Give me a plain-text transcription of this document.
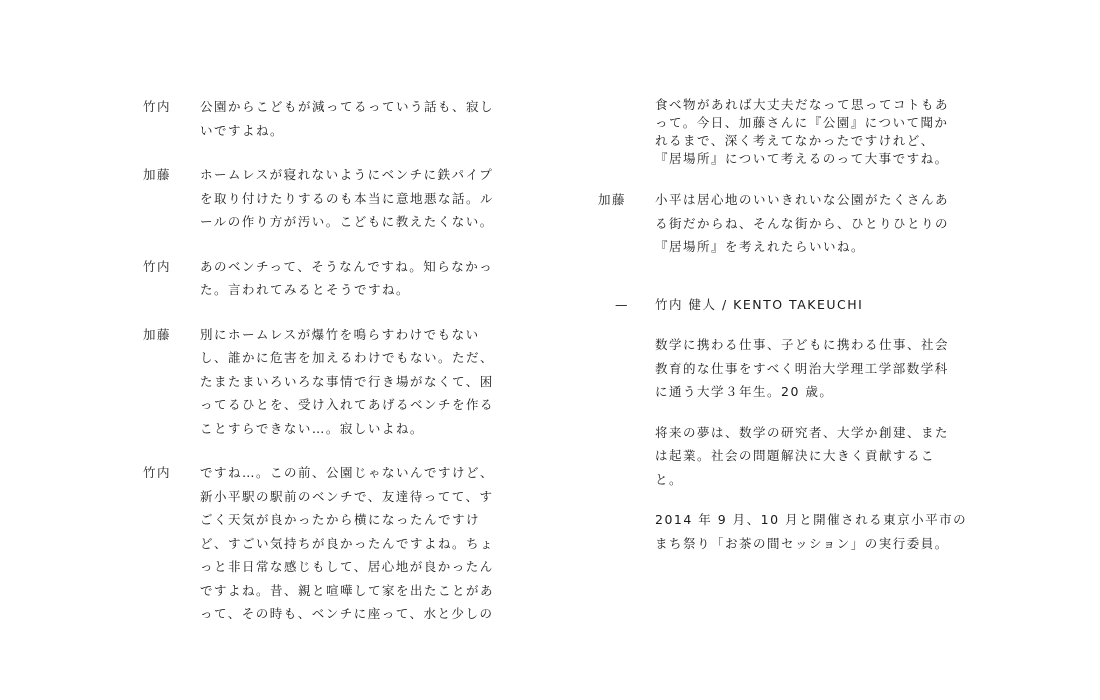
竹内	公園からこどもが減ってるっていう話も、寂し
いですよね。
加藤	ホームレスが寝れないようにベンチに鉄パイプ
を取り付けたりするのも本当に意地悪な話。ル
ールの作り方が汚い。こどもに教えたくない。
竹内	あのベンチって、そうなんですね。知らなかっ
た。言われてみるとそうですね。
加藤	別にホームレスが爆竹を鳴らすわけでもない
し、誰かに危害を加えるわけでもない。ただ、
たまたまいろいろな事情で行き場がなくて、困
ってるひとを、受け入れてあげるベンチを作る
ことすらできない…。寂しいよね。
竹内	ですね…。この前、公園じゃないんですけど、
新小平駅の駅前のベンチで、友達待ってて、す
ごく天気が良かったから横になったんですけ
ど、すごい気持ちが良かったんですよね。ちょ
っと非日常な感じもして、居心地が良かったん
ですよね。昔、親と喧嘩して家を出たことがあ
って、その時も、ベンチに座って、水と少しの
食べ物があれば大丈夫だなって思ってコトもあ
って。今日、加藤さんに『公園』について聞か
れるまで、深く考えてなかったですけれど、
『居場所』について考えるのって大事ですね。
加藤	小平は居心地のいいきれいな公園がたくさんあ
る街だからね、そんな街から、ひとりひとりの
『居場所』を考えれたらいいね。
—	竹内 健人 / KENTO TAKEUCHI
数学に携わる仕事、子どもに携わる仕事、社会
教育的な仕事をすべく明治大学理工学部数学科
に通う大学３年生。20 歳。
将来の夢は、数学の研究者、大学か創建、また
は起業。社会の問題解決に大きく貢献するこ
と。
2014 年 9 月、10 月と開催される東京小平市の
まち祭り「お茶の間セッション」の実行委員。
